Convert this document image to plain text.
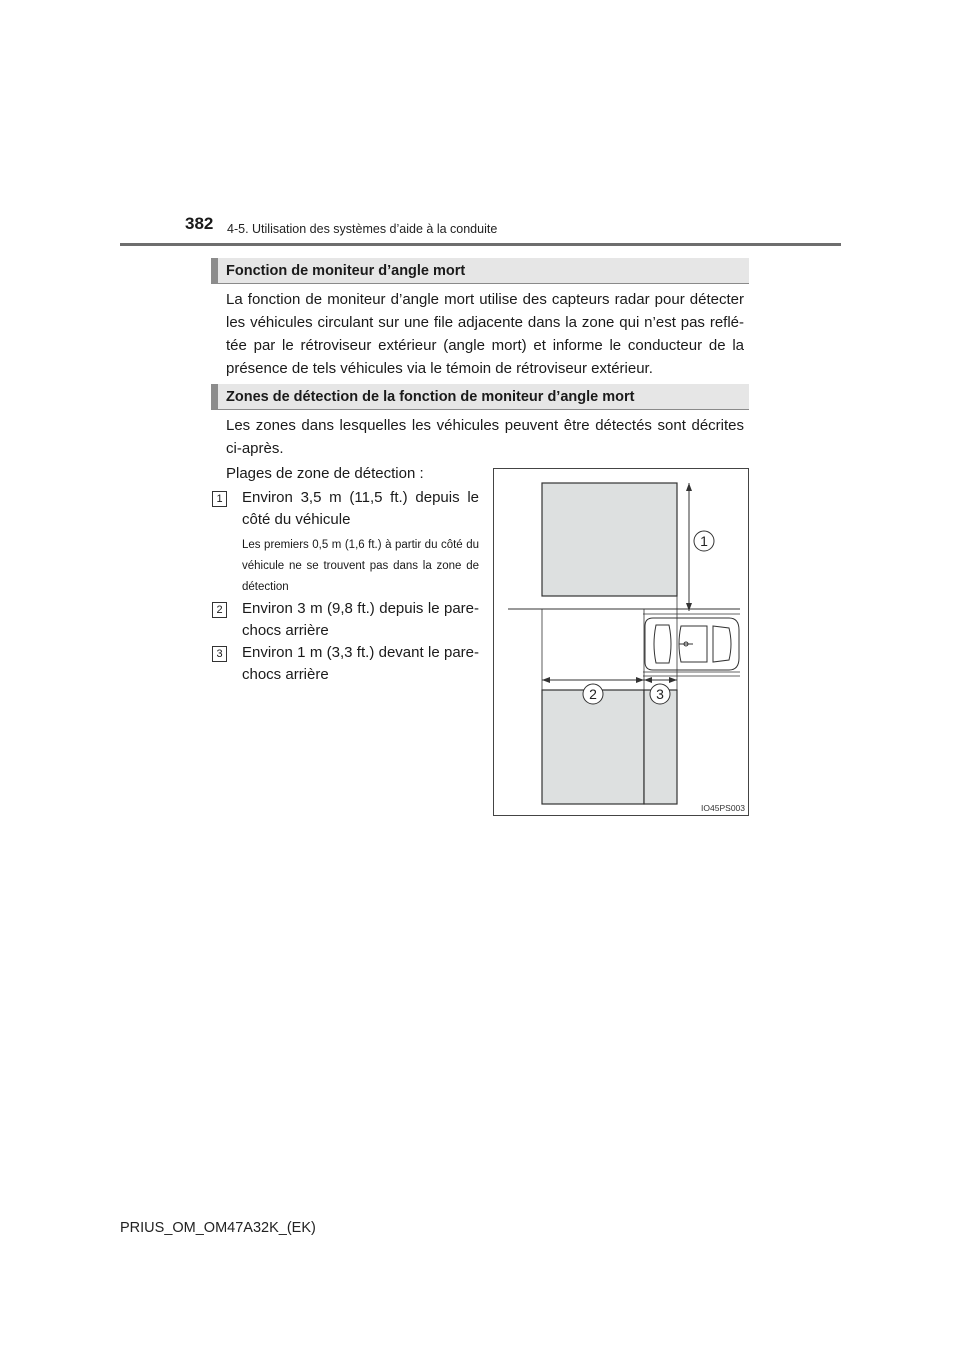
382 4-5. Utilisation des systèmes d’aide à la conduite
Fonction de moniteur d’angle mort

La fonction de moniteur d’angle mort utilise des capteurs radar pour détecter les véhicules circulant sur une file adjacente dans la zone qui n’est pas reflé-tée par le rétroviseur extérieur (angle mort) et informe le conducteur de la présence de tels véhicules via le témoin de rétroviseur extérieur.

Zones de détection de la fonction de moniteur d’angle mort

Les zones dans lesquelles les véhicules peuvent être détectés sont décrites ci-après.

Plages de zone de détection :

1 Environ 3,5 m (11,5 ft.) depuis le côté du véhicule

Les premiers 0,5 m (1,6 ft.) à partir du côté du véhicule ne se trouvent pas dans la zone de détection

2 Environ 3 m (9,8 ft.) depuis le pare-chocs arrière

3 Environ 1 m (3,3 ft.) devant le pare-chocs arrière

1
2	3
IO45PS003
PRIUS_OM_OM47A32K_(EK)
